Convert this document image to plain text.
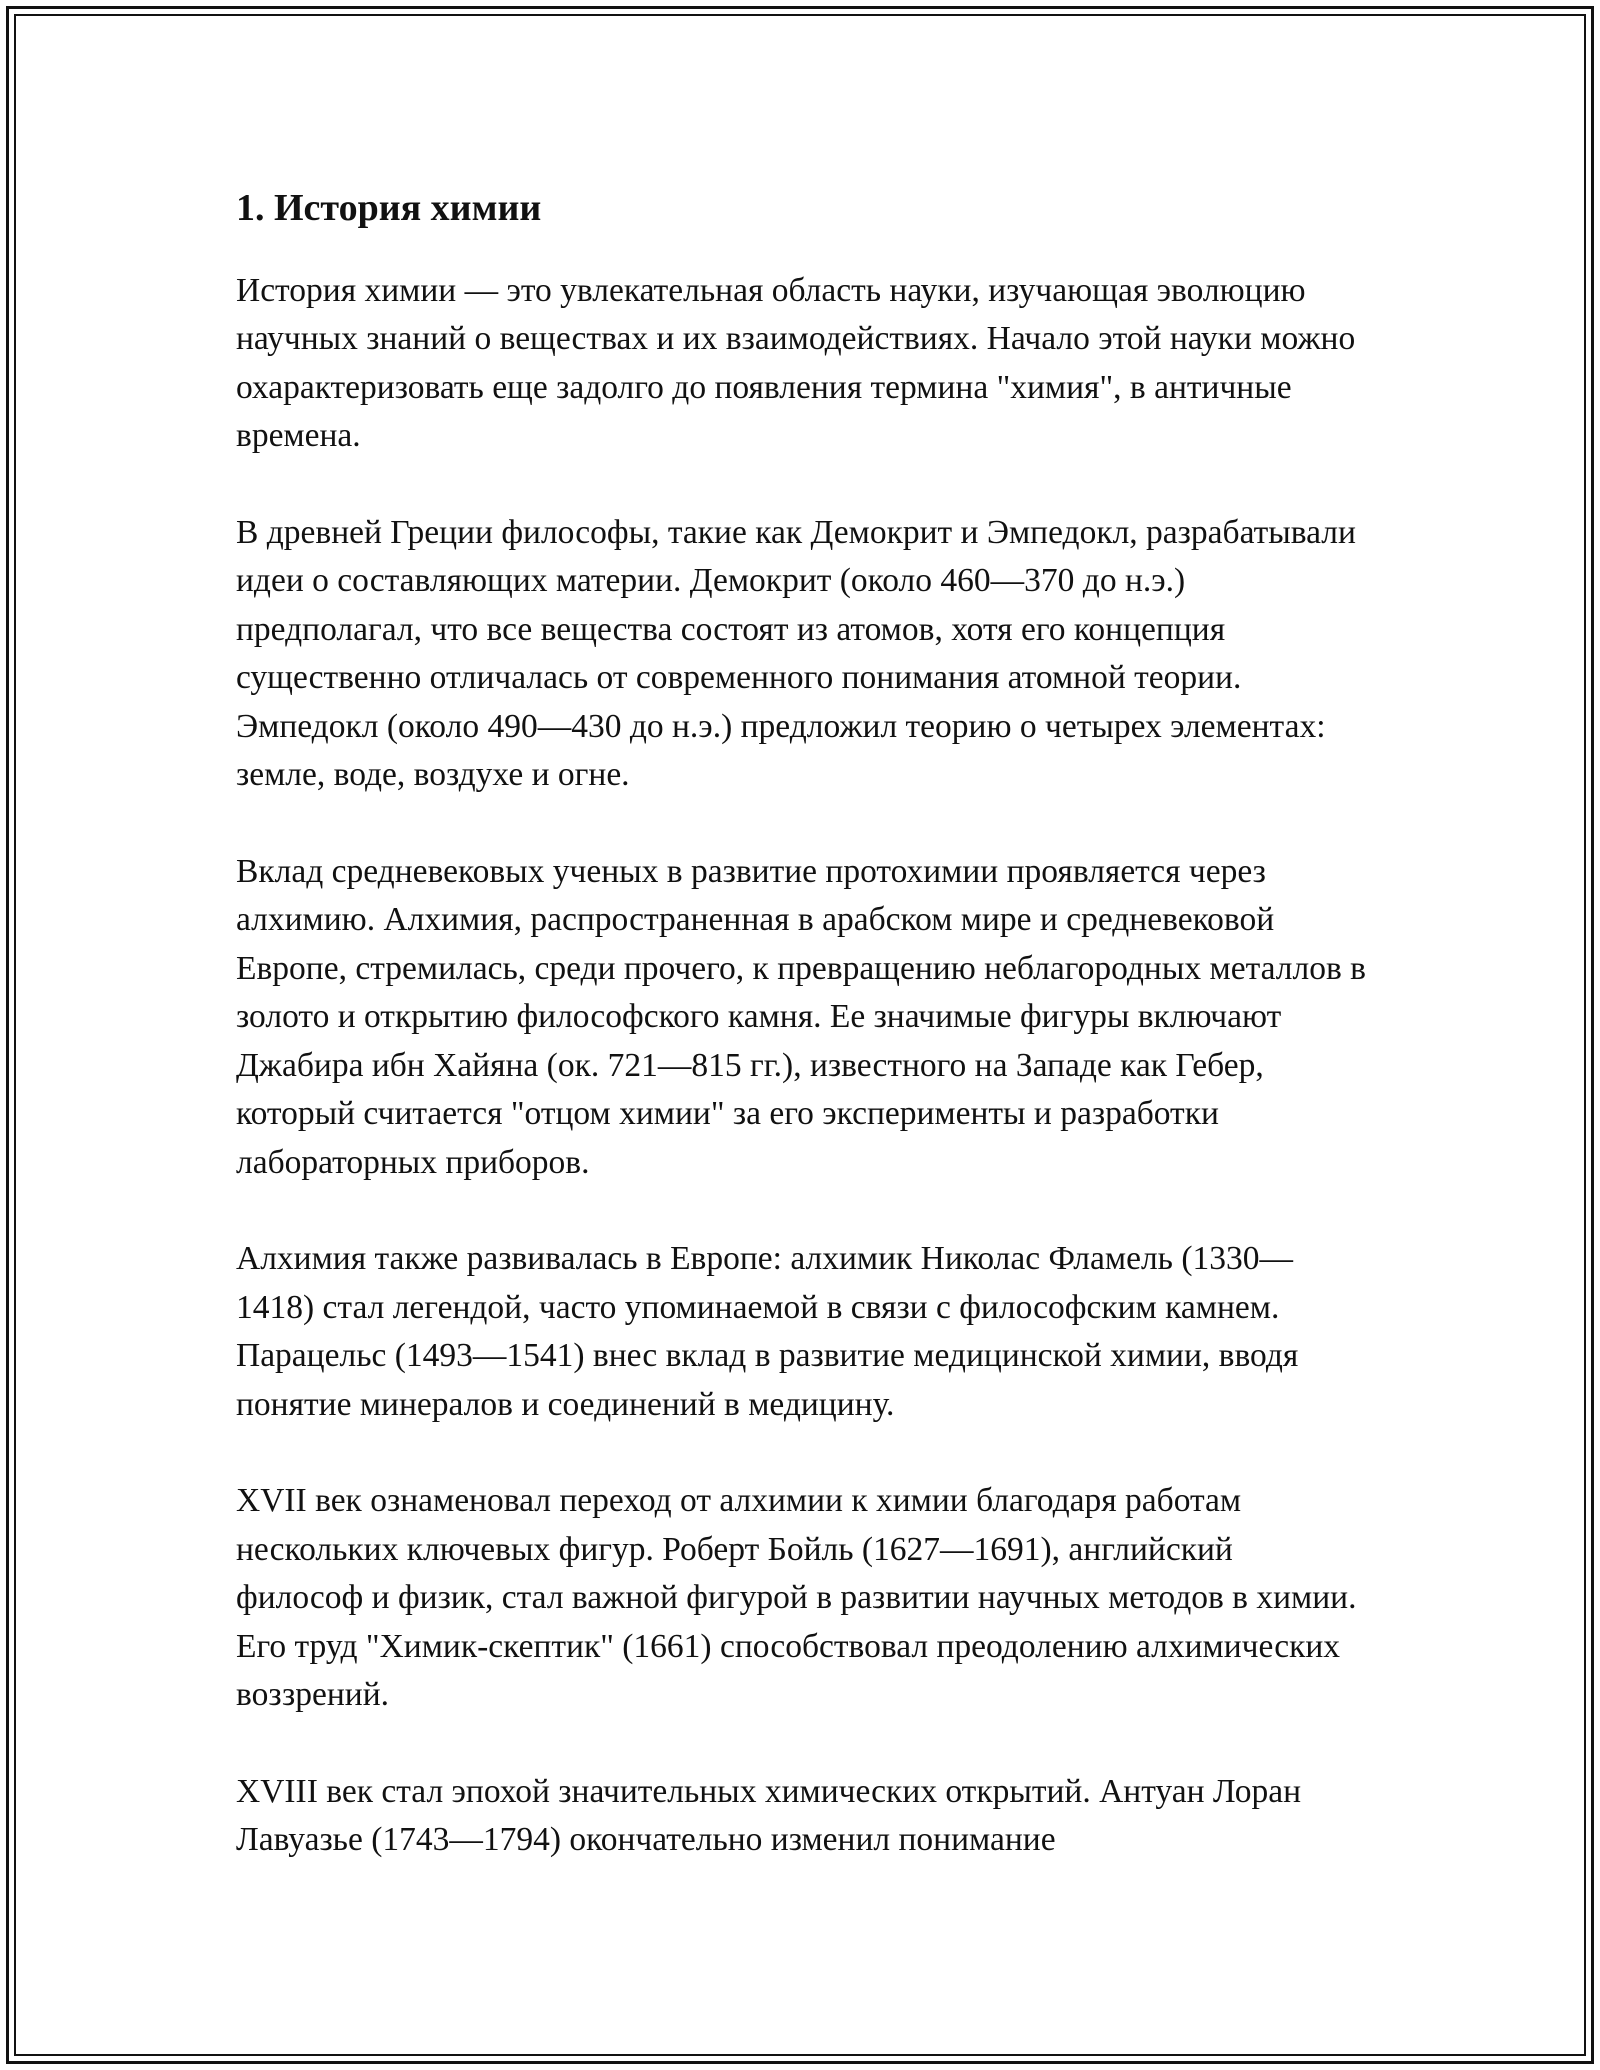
1. История химии

История химии — это увлекательная область науки, изучающая эволюцию научных знаний о веществах и их взаимодействиях. Начало этой науки можно охарактеризовать еще задолго до появления термина "химия", в античные времена.

В древней Греции философы, такие как Демокрит и Эмпедокл, разрабатывали идеи о составляющих материи. Демокрит (около 460—370 до н.э.) предполагал, что все вещества состоят из атомов, хотя его концепция существенно отличалась от современного понимания атомной теории. Эмпедокл (около 490—430 до н.э.) предложил теорию о четырех элементах: земле, воде, воздухе и огне.

Вклад средневековых ученых в развитие протохимии проявляется через алхимию. Алхимия, распространенная в арабском мире и средневековой Европе, стремилась, среди прочего, к превращению неблагородных металлов в золото и открытию философского камня. Ее значимые фигуры включают Джабира ибн Хайяна (ок. 721—815 гг.), известного на Западе как Гебер, который считается "отцом химии" за его эксперименты и разработки лабораторных приборов.

Алхимия также развивалась в Европе: алхимик Николас Фламель (1330—1418) стал легендой, часто упоминаемой в связи с философским камнем. Парацельс (1493—1541) внес вклад в развитие медицинской химии, вводя понятие минералов и соединений в медицину.

XVII век ознаменовал переход от алхимии к химии благодаря работам нескольких ключевых фигур. Роберт Бойль (1627—1691), английский философ и физик, стал важной фигурой в развитии научных методов в химии. Его труд "Химик-скептик" (1661) способствовал преодолению алхимических воззрений.

XVIII век стал эпохой значительных химических открытий. Антуан Лоран Лавуазье (1743—1794) окончательно изменил понимание
